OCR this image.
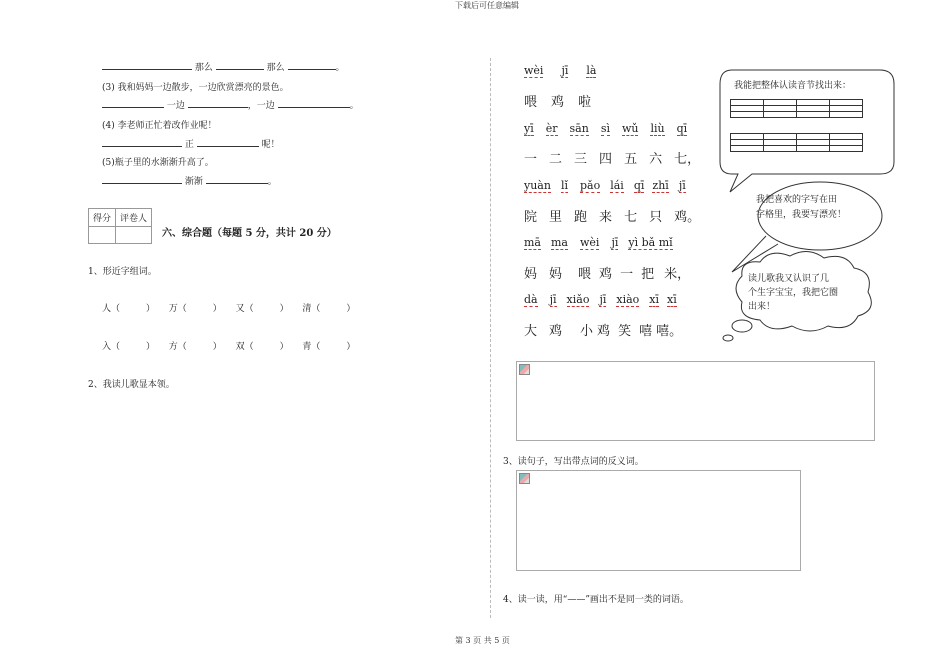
下载后可任意编辑
第 3 页 共 5 页
那么	那么	。
(3) 我和妈妈一边散步，一边欣赏漂亮的景色。
一边	，一边	。
(4) 李老师正忙着改作业呢！
正	呢！
(5)瓶子里的水渐渐升高了。
渐渐	。
得分	评卷人

六、综合题（每题 5 分，共计 20 分）
1、形近字组词。
人（	） 万（	） 又（	） 清（	）
入（	） 方（	） 双（	） 青（	）
2、我读儿歌显本领。
wèi jī là
喂 鸡 啦
yī èr sān sì wǔ liù qī
一 二 三 四 五 六 七，
yuàn lǐ pǎo lái qī zhī jī
院 里 跑 来 七 只 鸡。
mā ma wèi jī yì bǎ mǐ
妈 妈 喂 鸡 一 把 米，
dà jī xiǎo jī xiào xī xī
大 鸡 小 鸡 笑 嘻 嘻。
我能把整体认读音节找出来：

我把喜欢的字写在田
字格里，我要写漂亮！
读儿歌我又认识了几
个生字宝宝，我把它圈
出来！
3、读句子，写出带点词的反义词。
4、读一读，用“——”画出不是同一类的词语。
